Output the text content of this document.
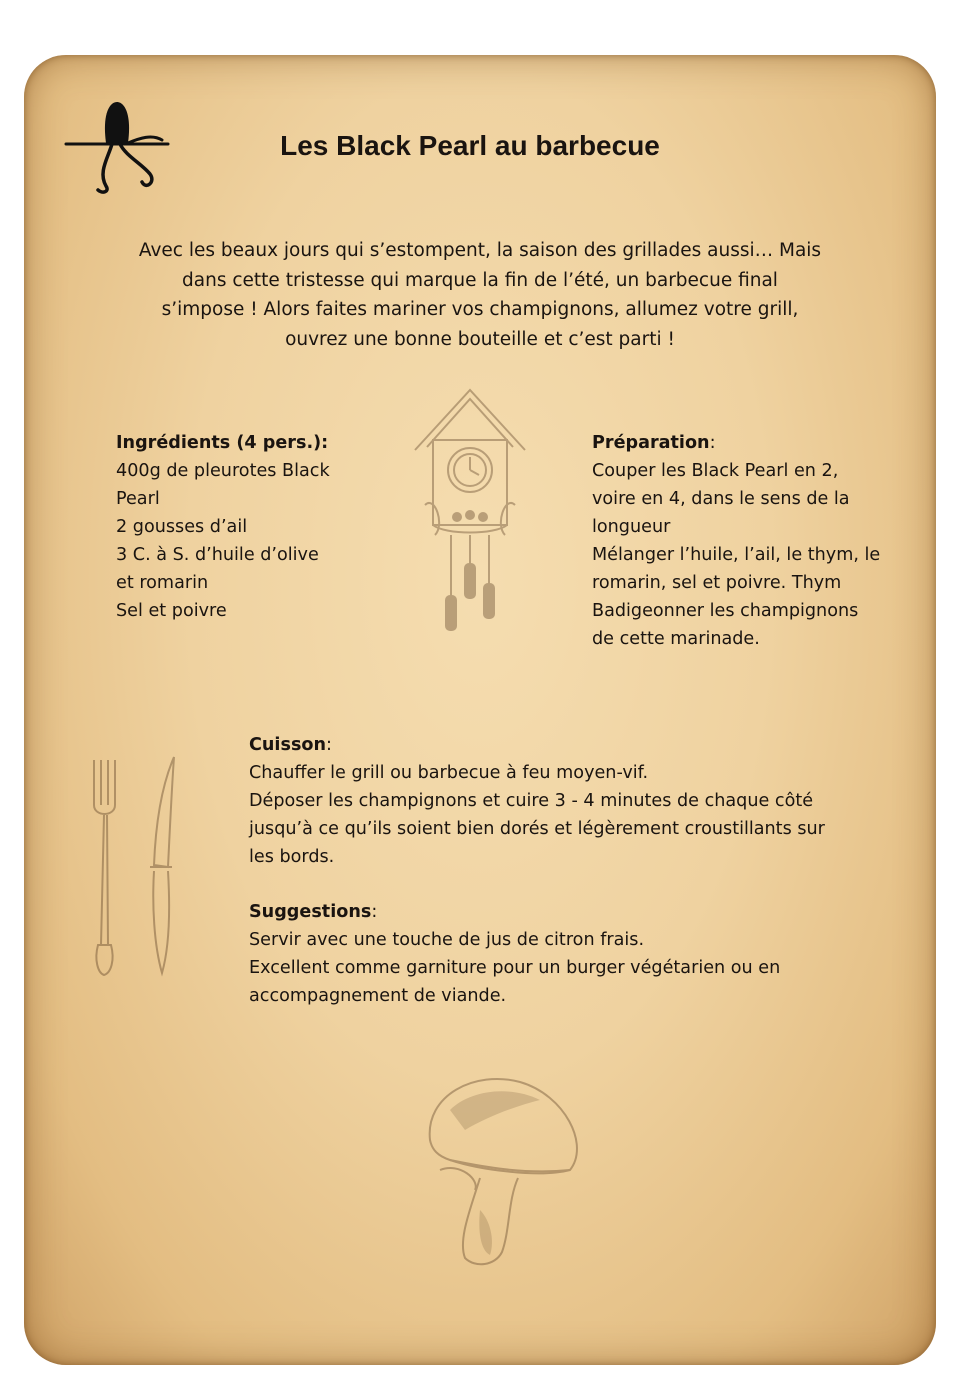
Les Black Pearl au barbecue
Avec les beaux jours qui s’estompent, la saison des grillades aussi… Mais
dans cette tristesse qui marque la fin de l’été, un barbecue final
s’impose ! Alors faites mariner vos champignons, allumez votre grill,
ouvrez une bonne bouteille et c’est parti !
Ingrédients (4 pers.):
400g de pleurotes Black
Pearl
2 gousses d’ail
3 C. à S. d’huile d’olive
et romarin
Sel et poivre
Préparation:
Couper les Black Pearl en 2,
voire en 4, dans le sens de la
longueur
Mélanger l’huile, l’ail, le thym, le
romarin, sel et poivre. Thym
Badigeonner les champignons
de cette marinade.
Cuisson:
Chauffer le grill ou barbecue à feu moyen-vif.
Déposer les champignons et cuire 3 - 4 minutes de chaque côté
jusqu’à ce qu’ils soient bien dorés et légèrement croustillants sur
les bords.
Suggestions:
Servir avec une touche de jus de citron frais.
Excellent comme garniture pour un burger végétarien ou en
accompagnement de viande.
